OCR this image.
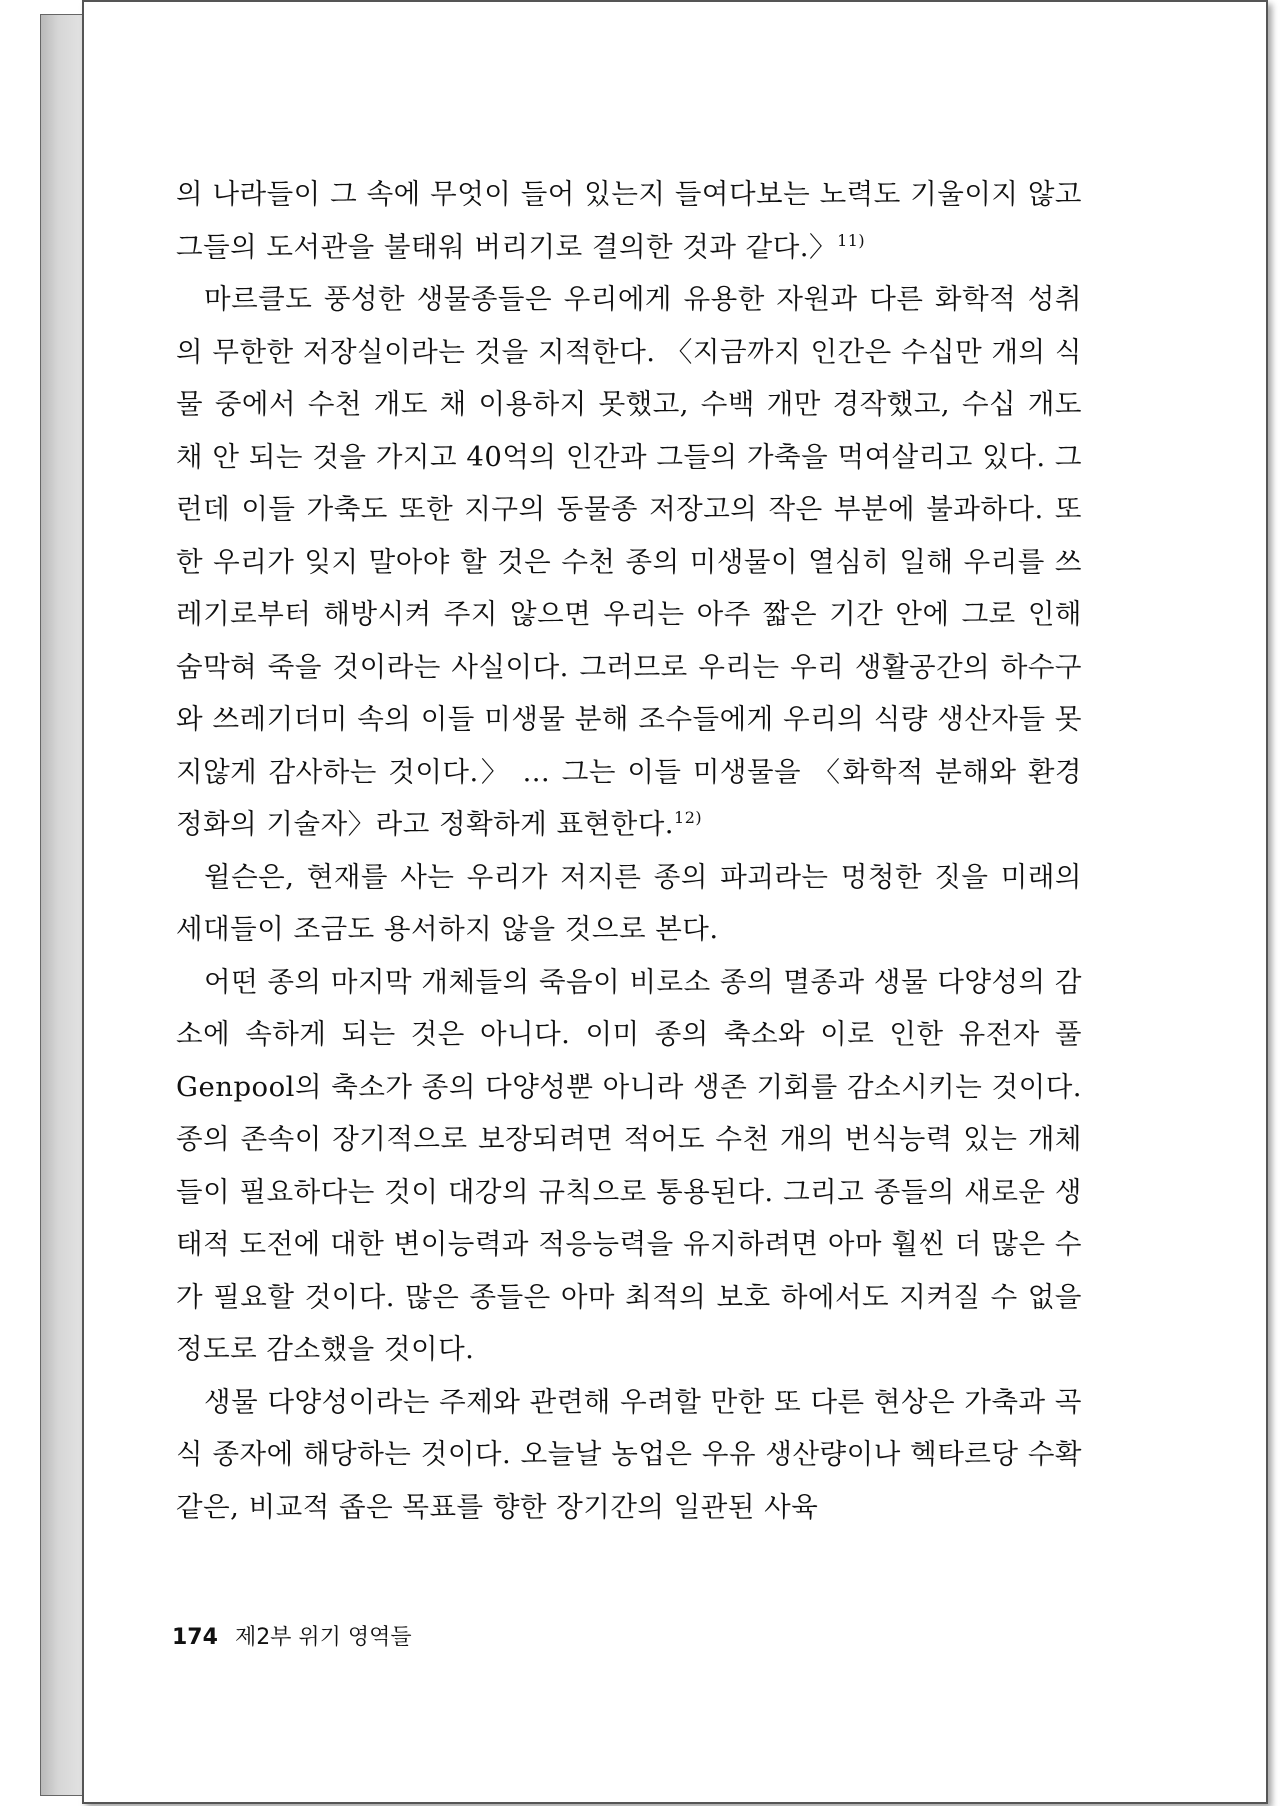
의 나라들이 그 속에 무엇이 들어 있는지 들여다보는 노력도 기울이지 않고 그들의 도서관을 불태워 버리기로 결의한 것과 같다.〉$^{11)}$

마르클도 풍성한 생물종들은 우리에게 유용한 자원과 다른 화학적 성취의 무한한 저장실이라는 것을 지적한다. 〈지금까지 인간은 수십만 개의 식물 중에서 수천 개도 채 이용하지 못했고, 수백 개만 경작했고, 수십 개도 채 안 되는 것을 가지고 40억의 인간과 그들의 가축을 먹여살리고 있다. 그런데 이들 가축도 또한 지구의 동물종 저장고의 작은 부분에 불과하다. 또한 우리가 잊지 말아야 할 것은 수천 종의 미생물이 열심히 일해 우리를 쓰레기로부터 해방시켜 주지 않으면 우리는 아주 짧은 기간 안에 그로 인해 숨막혀 죽을 것이라는 사실이다. 그러므로 우리는 우리 생활공간의 하수구와 쓰레기더미 속의 이들 미생물 분해 조수들에게 우리의 식량 생산자들 못지않게 감사하는 것이다.〉 … 그는 이들 미생물을 〈화학적 분해와 환경정화의 기술자〉라고 정확하게 표현한다.$^{12)}$

윌슨은, 현재를 사는 우리가 저지른 종의 파괴라는 멍청한 짓을 미래의 세대들이 조금도 용서하지 않을 것으로 본다.

어떤 종의 마지막 개체들의 죽음이 비로소 종의 멸종과 생물 다양성의 감소에 속하게 되는 것은 아니다. 이미 종의 축소와 이로 인한 유전자 풀 Genpool의 축소가 종의 다양성뿐 아니라 생존 기회를 감소시키는 것이다. 종의 존속이 장기적으로 보장되려면 적어도 수천 개의 번식능력 있는 개체들이 필요하다는 것이 대강의 규칙으로 통용된다. 그리고 종들의 새로운 생태적 도전에 대한 변이능력과 적응능력을 유지하려면 아마 훨씬 더 많은 수가 필요할 것이다. 많은 종들은 아마 최적의 보호 하에서도 지켜질 수 없을 정도로 감소했을 것이다.

생물 다양성이라는 주제와 관련해 우려할 만한 또 다른 현상은 가축과 곡식 종자에 해당하는 것이다. 오늘날 농업은 우유 생산량이나 헥타르당 수확 같은, 비교적 좁은 목표를 향한 장기간의 일관된 사육

174 제2부 위기 영역들
